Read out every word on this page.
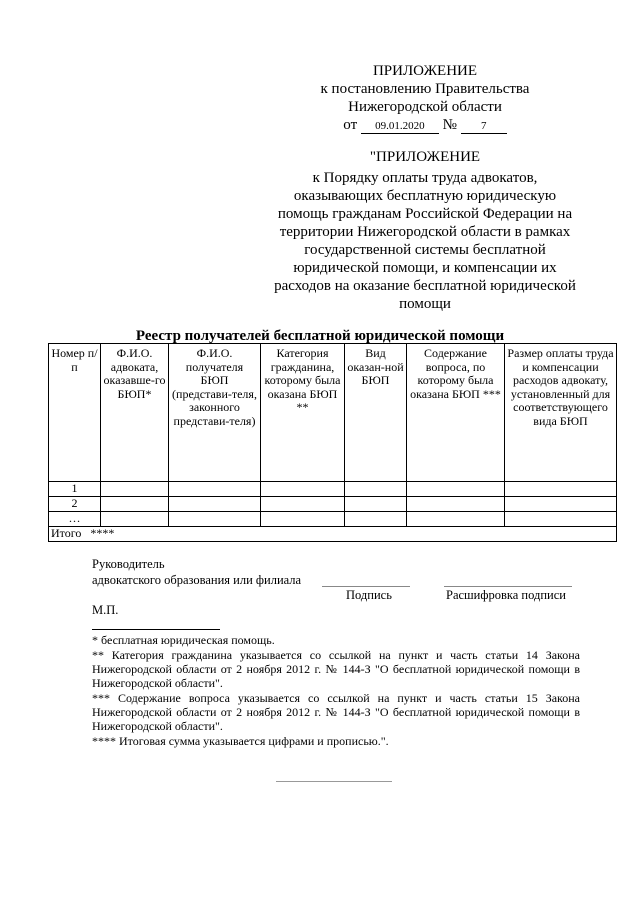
ПРИЛОЖЕНИЕ
к постановлению Правительства
Нижегородской области
от 09.01.2020 № 7
"ПРИЛОЖЕНИЕ
к Порядку оплаты труда адвокатов,
оказывающих бесплатную юридическую
помощь гражданам Российской Федерации на
территории Нижегородской области в рамках
государственной системы бесплатной
юридической помощи, и компенсации их
расходов на оказание бесплатной юридической
помощи
Реестр получателей бесплатной юридической помощи
Номер п/п	Ф.И.О. адвоката, оказавше-го БЮП*	Ф.И.О. получателя БЮП (представи-теля, законного представи-теля)	Категория гражданина, которому была оказана БЮП **	Вид оказан-ной БЮП	Содержание вопроса, по которому была оказана БЮП ***	Размер оплаты труда и компенсации расходов адвокату, установленный для соответствующего вида БЮП
1						
2						
…						
Итого ****						
Руководитель
адвокатского образования или филиала
Подпись	Расшифровка подписи
М.П.

* бесплатная юридическая помощь.

** Категория гражданина указывается со ссылкой на пункт и часть статьи 14 Закона Нижегородской области от 2 ноября 2012 г. № 144-З "О бесплатной юридической помощи в Нижегородской области".

*** Содержание вопроса указывается со ссылкой на пункт и часть статьи 15 Закона Нижегородской области от 2 ноября 2012 г. № 144-З "О бесплатной юридической помощи в Нижегородской области".

**** Итоговая сумма указывается цифрами и прописью.".
